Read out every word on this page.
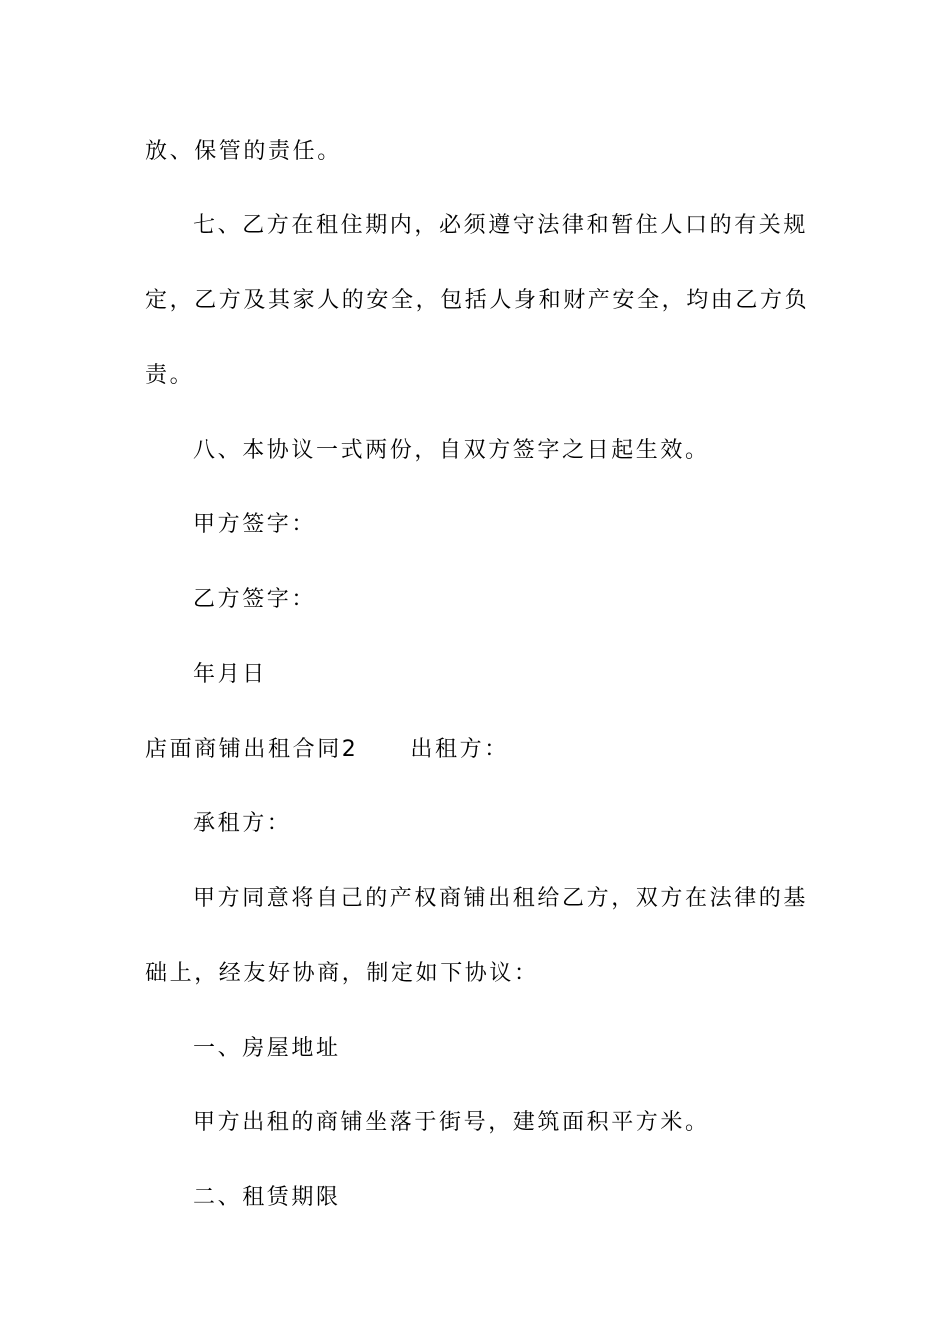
放、保管的责任。
七、乙方在租住期内，必须遵守法律和暂住人口的有关规
定，乙方及其家人的安全，包括人身和财产安全，均由乙方负
责。
八、本协议一式两份，自双方签字之日起生效。
甲方签字：
乙方签字：
年月日
店面商铺出租合同2 出租方：
承租方：
甲方同意将自己的产权商铺出租给乙方，双方在法律的基
础上，经友好协商，制定如下协议：
一、房屋地址
甲方出租的商铺坐落于街号，建筑面积平方米。
二、租赁期限
